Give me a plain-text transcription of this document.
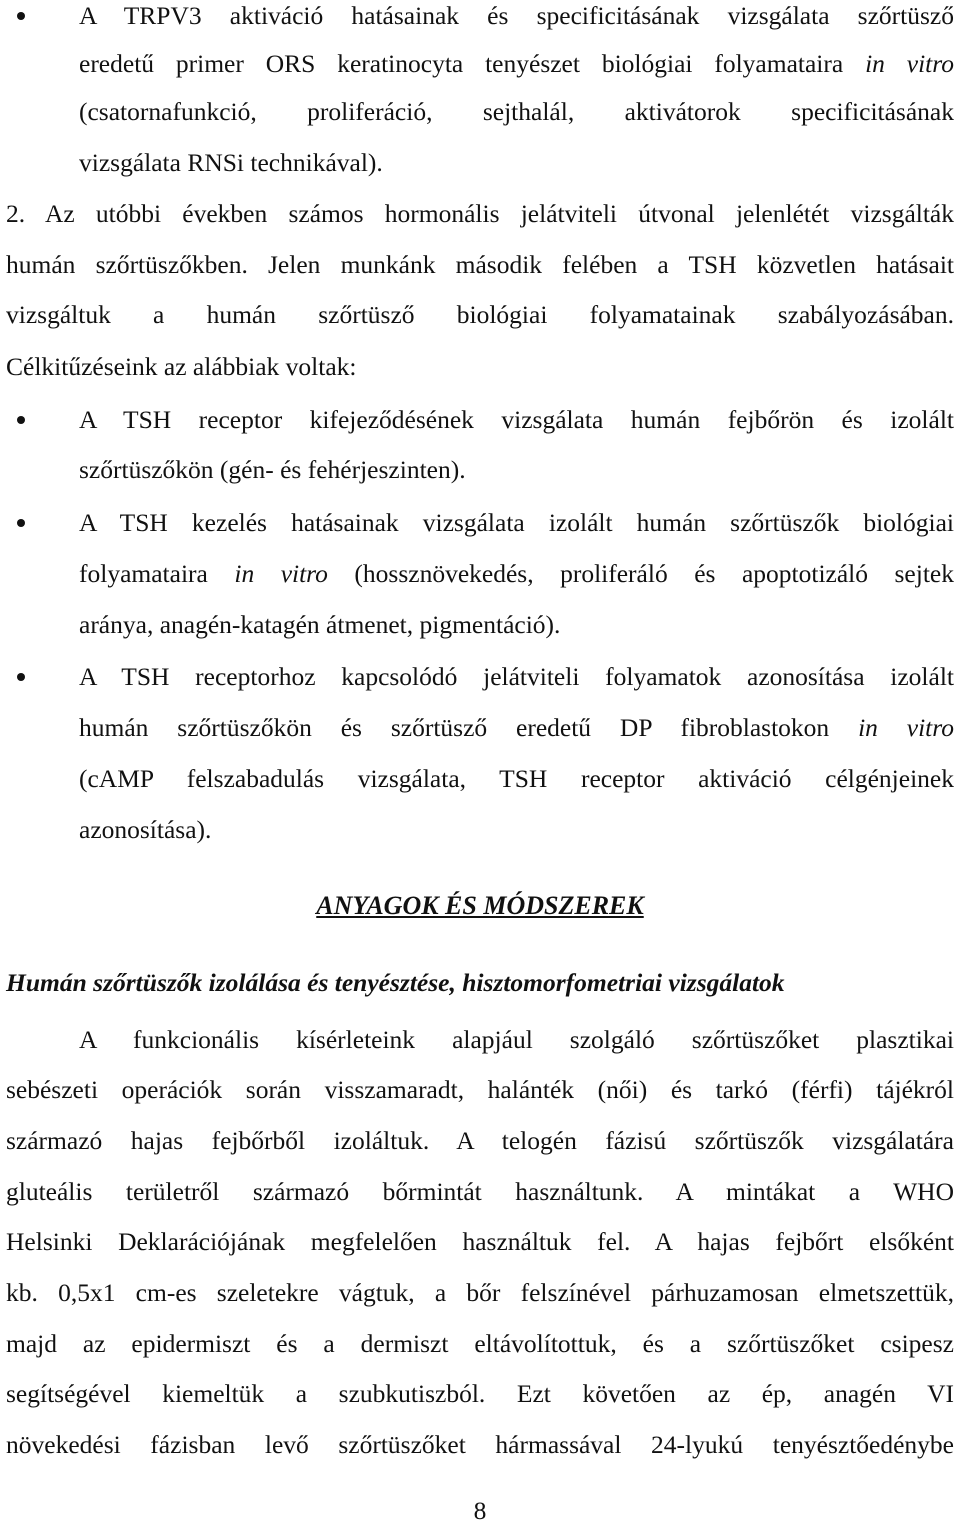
A TRPV3 aktiváció hatásainak és specificitásának vizsgálata szőrtüsző
eredetű primer ORS keratinocyta tenyészet biológiai folyamataira in vitro
(csatornafunkció, proliferáció, sejthalál, aktivátorok specificitásának
vizsgálata RNSi technikával).
2. Az utóbbi években számos hormonális jelátviteli útvonal jelenlétét vizsgálták
humán szőrtüszőkben. Jelen munkánk második felében a TSH közvetlen hatásait
vizsgáltuk a humán szőrtüsző biológiai folyamatainak szabályozásában.
Célkitűzéseink az alábbiak voltak:
A TSH receptor kifejeződésének vizsgálata humán fejbőrön és izolált
szőrtüszőkön (gén- és fehérjeszinten).
A TSH kezelés hatásainak vizsgálata izolált humán szőrtüszők biológiai
folyamataira in vitro (hossznövekedés, proliferáló és apoptotizáló sejtek
aránya, anagén-katagén átmenet, pigmentáció).
A TSH receptorhoz kapcsolódó jelátviteli folyamatok azonosítása izolált
humán szőrtüszőkön és szőrtüsző eredetű DP fibroblastokon in vitro
(cAMP felszabadulás vizsgálata, TSH receptor aktiváció célgénjeinek
azonosítása).
ANYAGOK ÉS MÓDSZEREK
Humán szőrtüszők izolálása és tenyésztése, hisztomorfometriai vizsgálatok
A funkcionális kísérleteink alapjául szolgáló szőrtüszőket plasztikai
sebészeti operációk során visszamaradt, halánték (női) és tarkó (férfi) tájékról
származó hajas fejbőrből izoláltuk. A telogén fázisú szőrtüszők vizsgálatára
gluteális területről származó bőrmintát használtunk. A mintákat a WHO
Helsinki Deklarációjának megfelelően használtuk fel. A hajas fejbőrt elsőként
kb. 0,5x1 cm-es szeletekre vágtuk, a bőr felszínével párhuzamosan elmetszettük,
majd az epidermiszt és a dermiszt eltávolítottuk, és a szőrtüszőket csipesz
segítségével kiemeltük a szubkutiszból. Ezt követően az ép, anagén VI
növekedési fázisban levő szőrtüszőket hármassával 24-lyukú tenyésztőedénybe
8
